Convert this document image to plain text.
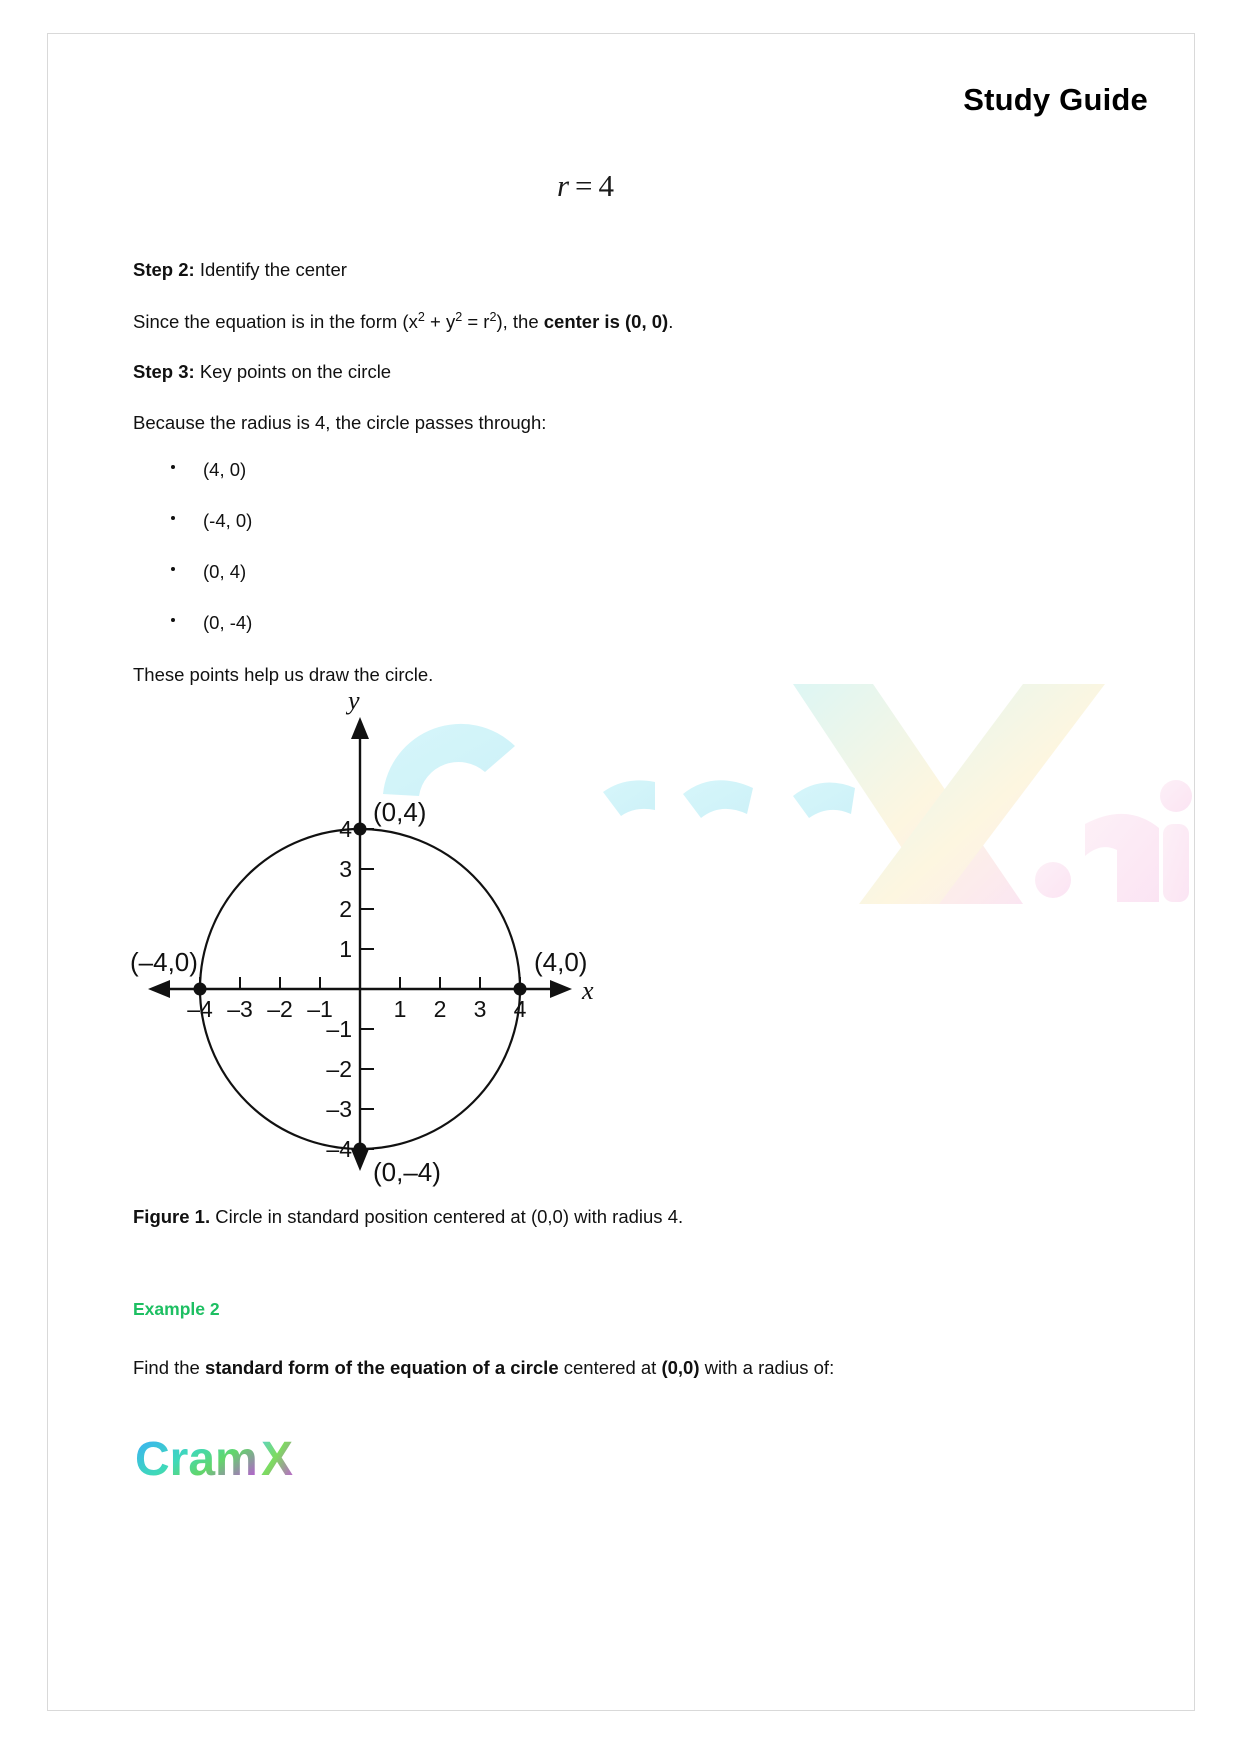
Study Guide
r = 4
Step 2: Identify the center
Since the equation is in the form $(x^2 + y^2 = r^2)$, the center is (0, 0).
Step 3: Key points on the circle
Because the radius is 4, the circle passes through:
(4, 0)
(-4, 0)
(0, 4)
(0, -4)
These points help us draw the circle.
–4 –3 –2 –1	1 2 3 4
4
3
2
1
–1
–2
–3
–4
(0,4)
(4,0)
(–4,0)
(0,–4)
x
y
Figure 1. Circle in standard position centered at (0,0) with radius 4.
Example 2
Find the standard form of the equation of a circle centered at (0,0) with a radius of:
Cram X
